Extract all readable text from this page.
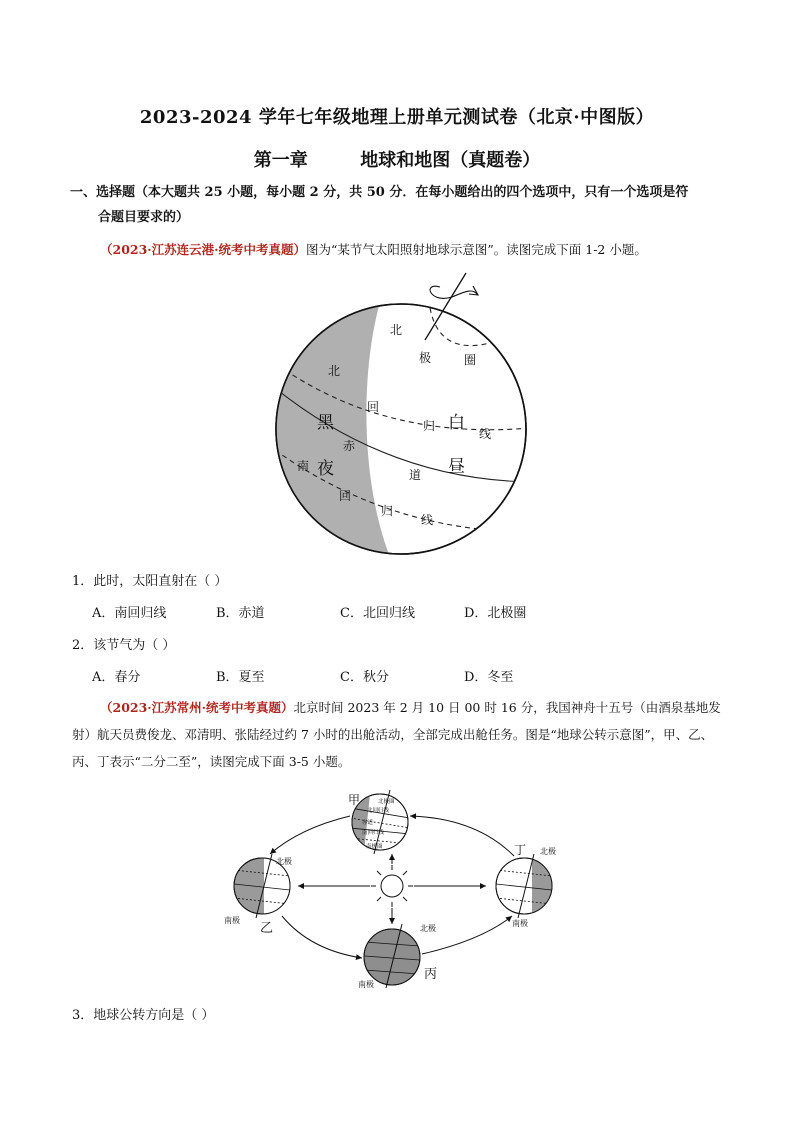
2023-2024 学年七年级地理上册单元测试卷（北京·中图版）
第一章	地球和地图（真题卷）
一、选择题（本大题共 25 小题，每小题 2 分，共 50 分．在每小题给出的四个选项中，只有一个选项是符
合题目要求的）
（2023·江苏连云港·统考中考真题）图为“某节气太阳照射地球示意图”。读图完成下面 1-2 小题。
北
极	圈
北
回
归
线
赤
道
南
回
归
线
黑
夜
白
昼
1．此时，太阳直射在（ ）
A．南回归线	B．赤道	C．北回归线	D．北极圈
2．该节气为（ ）
A．春分	B．夏至	C．秋分	D．冬至
（2023·江苏常州·统考中考真题）北京时间 2023 年 2 月 10 日 00 时 16 分，我国神舟十五号（由酒泉基地发射）航天员费俊龙、邓清明、张陆经过约 7 小时的出舱活动，全部完成出舱任务。图是“地球公转示意图”，甲、乙、丙、丁表示“二分二至”，读图完成下面 3-5 小题。
北极圈
北回归线
赤道
南回归线
南极圈
甲
北极
南极
乙	北极
南极
丙
丁 北极
南极
3．地球公转方向是（ ）
